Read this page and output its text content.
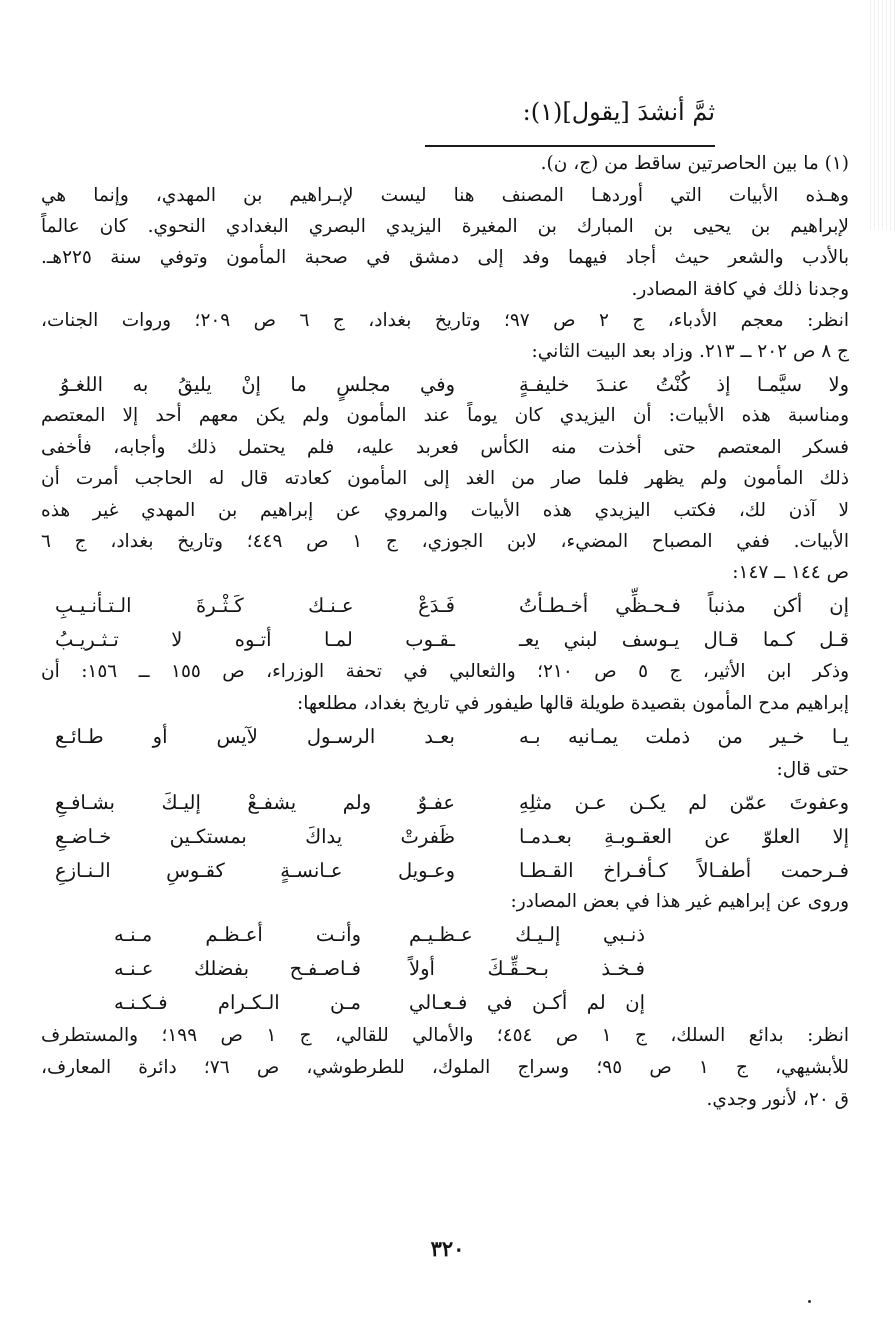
ثمَّ أنشدَ [يقول](١):
(١) ما بين الحاصرتين ساقط من (ج، ن).
وهـذه الأبيات التي أوردهـا المصنف هنا ليست لإبـراهيم بن المهدي، وإنما هي
لإبراهيم بن يحيى بن المبارك بن المغيرة اليزيدي البصري البغدادي النحوي. كان عالماً
بالأدب والشعر حيث أجاد فيهما وفد إلى دمشق في صحبة المأمون وتوفي سنة ٢٢٥هـ.
وجدنا ذلك في كافة المصادر.
انظر: معجم الأدباء، ج ٢ ص ٩٧؛ وتاريخ بغداد، ج ٦ ص ٢٠٩؛ وروات الجنات،
ج ٨ ص ٢٠٢ ــ ٢١٣. وزاد بعد البيت الثاني:
ولا سيَّمـا إذ كُنْتُ عنـدَ خليفـةٍ
وفي مجلسٍ ما إنْ يليقُ به اللغـوُ
ومناسبة هذه الأبيات: أن اليزيدي كان يوماً عند المأمون ولم يكن معهم أحد إلا المعتصم
فسكر المعتصم حتى أخذت منه الكأس فعربد عليه، فلم يحتمل ذلك وأجابه، فأخفى
ذلك المأمون ولم يظهر فلما صار من الغد إلى المأمون كعادته قال له الحاجب أمرت أن
لا آذن لك، فكتب اليزيدي هذه الأبيات والمروي عن إبراهيم بن المهدي غير هذه
الأبيات. ففي المصباح المضيء، لابن الجوزي، ج ١ ص ٤٤٩؛ وتاريخ بغداد، ج ٦
ص ١٤٤ ــ ١٤٧:
إن أكن مذنباً فـحـظِّي أخـطـأتُ
فَـدَعْ عـنـك كَـثْـرةَ الـتـأنـيـبِ
قـل كـما قـال يـوسف لبني يعـ
ـقـوب لمـا أتـوه لا تـثـريـبُ
وذكر ابن الأثير، ج ٥ ص ٢١٠؛ والثعالبي في تحفة الوزراء، ص ١٥٥ ــ ١٥٦: أن
إبراهيم مدح المأمون بقصيدة طويلة قالها طيفور في تاريخ بغداد، مطلعها:
يـا خـير من ذملت يمـانيه بـه
بعـد الرسـول لآيس أو طـائـع
حتى قال:
وعفوتَ عمّن لم يكـن عـن مثلِهِ
عفـوٌ ولم يشفـعْ إليـكَ بشـافـعِ
إلا العلوّ عن العقـوبـةِ بعـدمـا
ظَفرتْ يداكَ بمستكـين خـاضـعِ
فـرحمت أطفـالاً كـأفـراخ القـطـا
وعـويل عـانسـةٍ كقـوسِ الـنـازعِ
وروى عن إبراهيم غير هذا في بعض المصادر:
ذنـبي إلـيـك عـظـيـم
وأنـت أعـظـم مـنـه
فـخـذ بـحـقِّـكَ أولاً
فـاصـفـح بفضلك عـنـه
إن لم أكـن في فـعـالي
مـن الـكـرام فـكـنـه
انظر: بدائع السلك، ج ١ ص ٤٥٤؛ والأمالي للقالي، ج ١ ص ١٩٩؛ والمستطرف
للأبشيهي، ج ١ ص ٩٥؛ وسراج الملوك، للطرطوشي، ص ٧٦؛ دائرة المعارف،
ق ٢٠، لأنور وجدي.
٣٢٠
